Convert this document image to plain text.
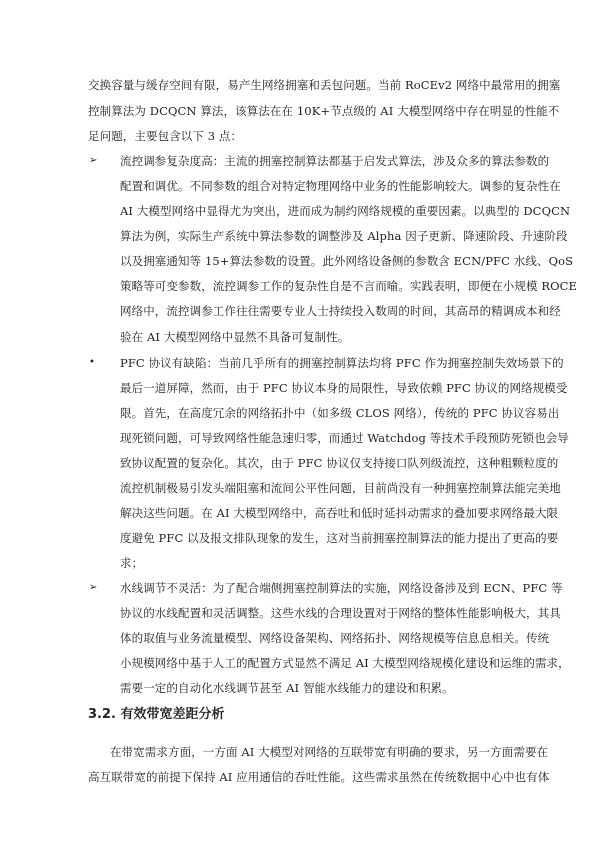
交换容量与缓存空间有限，易产生网络拥塞和丢包问题。当前 RoCEv2 网络中最常用的拥塞
控制算法为 DCQCN 算法，该算法在在 10K+节点级的 AI 大模型网络中存在明显的性能不
足问题，主要包含以下 3 点：
➢ 流控调参复杂度高：主流的拥塞控制算法都基于启发式算法，涉及众多的算法参数的
配置和调优。不同参数的组合对特定物理网络中业务的性能影响较大。调参的复杂性在
AI 大模型网络中显得尤为突出，进而成为制约网络规模的重要因素。以典型的 DCQCN
算法为例，实际生产系统中算法参数的调整涉及 Alpha 因子更新、降速阶段、升速阶段
以及拥塞通知等 15+算法参数的设置。此外网络设备侧的参数含 ECN/PFC 水线、QoS
策略等可变参数，流控调参工作的复杂性自是不言而喻。实践表明，即便在小规模 ROCE
网络中，流控调参工作往往需要专业人士持续投入数周的时间，其高昂的精调成本和经
验在 AI 大模型网络中显然不具备可复制性。
• PFC 协议有缺陷：当前几乎所有的拥塞控制算法均将 PFC 作为拥塞控制失效场景下的
最后一道屏障，然而，由于 PFC 协议本身的局限性，导致依赖 PFC 协议的网络规模受
限。首先，在高度冗余的网络拓扑中（如多级 CLOS 网络），传统的 PFC 协议容易出
现死锁问题，可导致网络性能急速归零，而通过 Watchdog 等技术手段预防死锁也会导
致协议配置的复杂化。其次，由于 PFC 协议仅支持接口队列级流控，这种粗颗粒度的
流控机制极易引发头端阻塞和流间公平性问题，目前尚没有一种拥塞控制算法能完美地
解决这些问题。在 AI 大模型网络中，高吞吐和低时延抖动需求的叠加要求网络最大限
度避免 PFC 以及报文排队现象的发生，这对当前拥塞控制算法的能力提出了更高的要
求；
➢ 水线调节不灵活：为了配合端侧拥塞控制算法的实施，网络设备涉及到 ECN、PFC 等
协议的水线配置和灵活调整。这些水线的合理设置对于网络的整体性能影响极大，其具
体的取值与业务流量模型、网络设备架构、网络拓扑、网络规模等信息息相关。传统
小规模网络中基于人工的配置方式显然不满足 AI 大模型网络规模化建设和运维的需求，
需要一定的自动化水线调节甚至 AI 智能水线能力的建设和积累。
3.2. 有效带宽差距分析
在带宽需求方面，一方面 AI 大模型对网络的互联带宽有明确的要求，另一方面需要在
高互联带宽的前提下保持 AI 应用通信的吞吐性能。这些需求虽然在传统数据中心中也有体
